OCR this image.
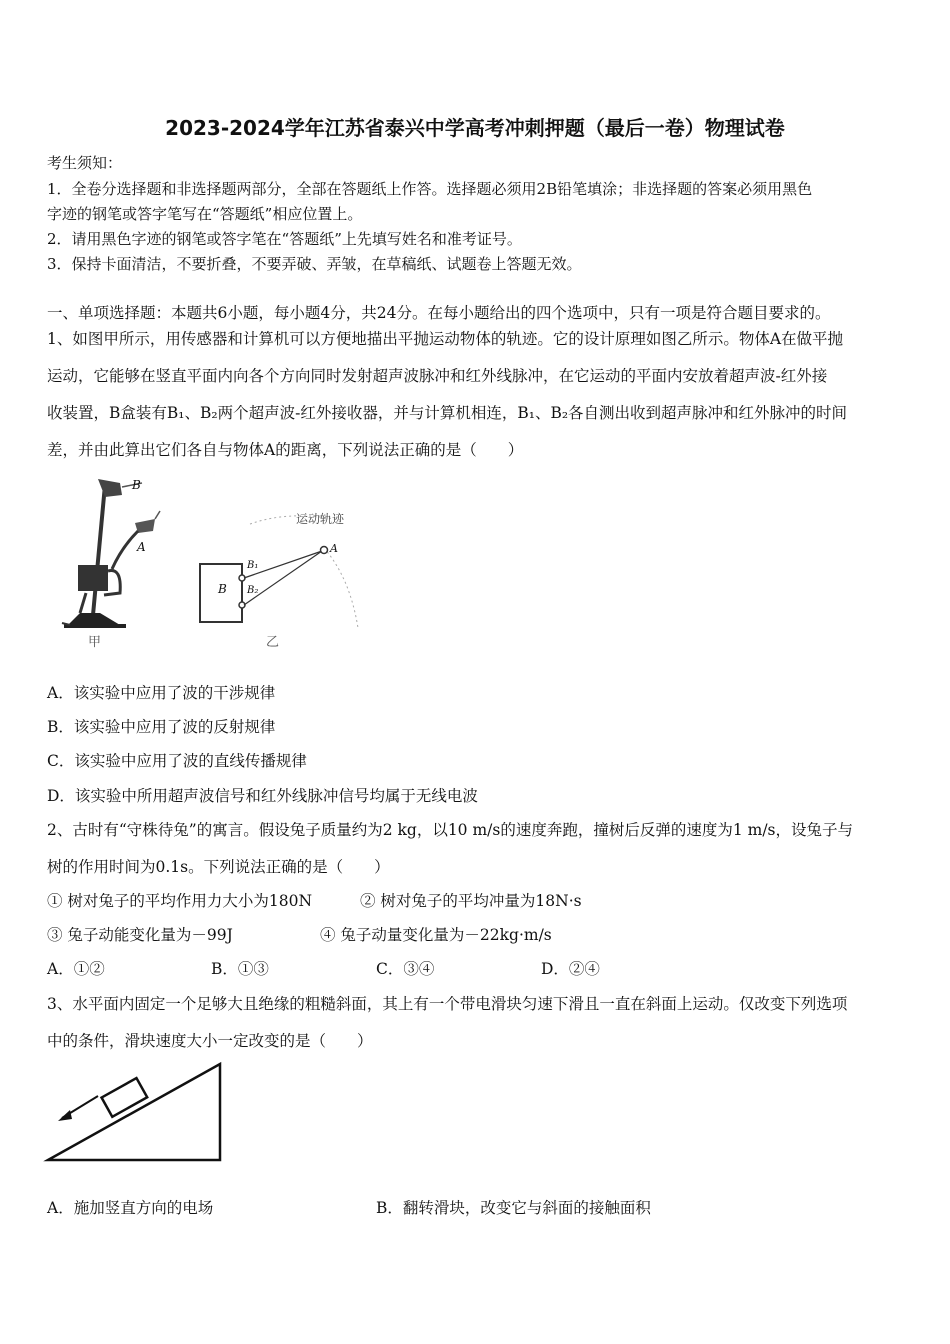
2023-2024学年江苏省泰兴中学高考冲刺押题（最后一卷）物理试卷
考生须知：
1．全卷分选择题和非选择题两部分，全部在答题纸上作答。选择题必须用2B铅笔填涂；非选择题的答案必须用黑色
字迹的钢笔或答字笔写在“答题纸”相应位置上。
2．请用黑色字迹的钢笔或答字笔在“答题纸”上先填写姓名和准考证号。
3．保持卡面清洁，不要折叠，不要弄破、弄皱，在草稿纸、试题卷上答题无效。
一、单项选择题：本题共6小题，每小题4分，共24分。在每小题给出的四个选项中，只有一项是符合题目要求的。
1、如图甲所示，用传感器和计算机可以方便地描出平抛运动物体的轨迹。它的设计原理如图乙所示。物体A在做平抛
运动，它能够在竖直平面内向各个方向同时发射超声波脉冲和红外线脉冲，在它运动的平面内安放着超声波-红外接
收装置，B盒装有B₁、B₂两个超声波-红外接收器，并与计算机相连，B₁、B₂各自测出收到超声脉冲和红外脉冲的时间
差，并由此算出它们各自与物体A的距离，下列说法正确的是（　　）
B
A
甲
运动轨迹
A
B
B₁
B₂
乙
A．该实验中应用了波的干涉规律
B．该实验中应用了波的反射规律
C．该实验中应用了波的直线传播规律
D．该实验中所用超声波信号和红外线脉冲信号均属于无线电波
2、古时有“守株待兔”的寓言。假设兔子质量约为2 kg，以10 m/s的速度奔跑，撞树后反弹的速度为1 m/s，设兔子与
树的作用时间为0.1s。下列说法正确的是（　　）
① 树对兔子的平均作用力大小为180N	② 树对兔子的平均冲量为18N·s
③ 兔子动能变化量为－99J	④ 兔子动量变化量为－22kg·m/s
A．①②	B．①③	C．③④	D．②④
3、水平面内固定一个足够大且绝缘的粗糙斜面，其上有一个带电滑块匀速下滑且一直在斜面上运动。仅改变下列选项
中的条件，滑块速度大小一定改变的是（　　）
A．施加竖直方向的电场	B．翻转滑块，改变它与斜面的接触面积
